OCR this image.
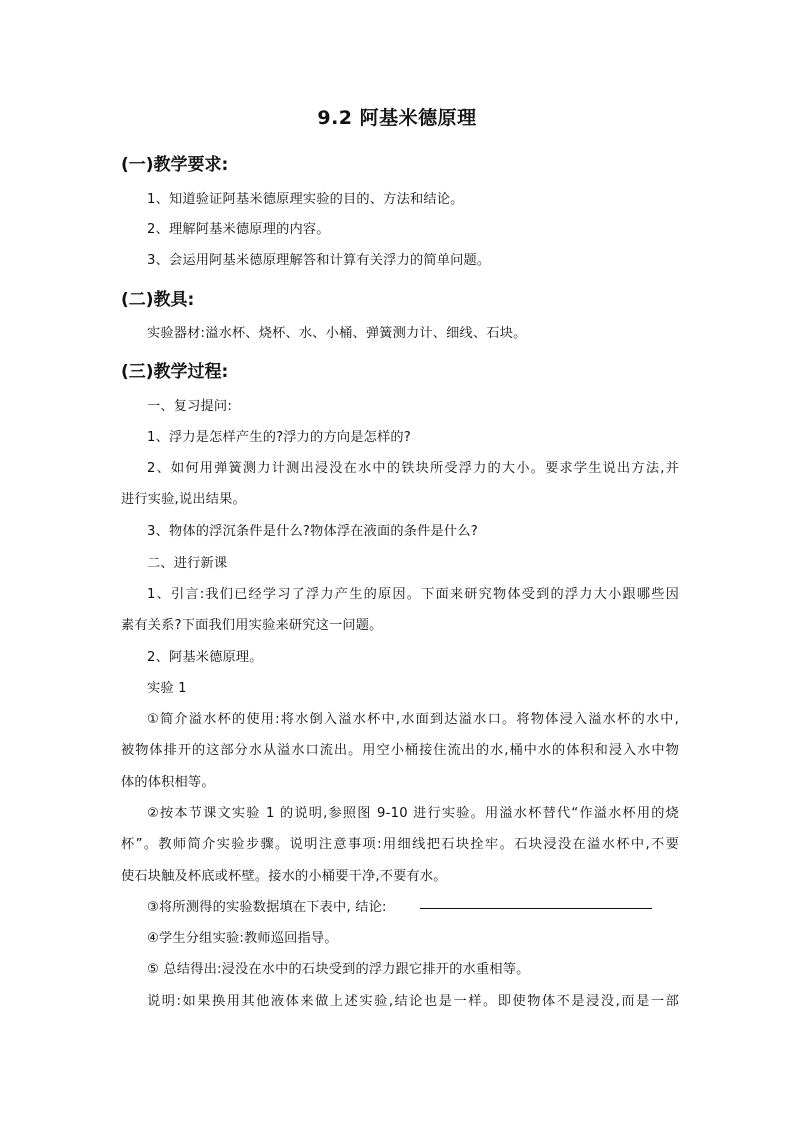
9.2 阿基米德原理
(一)教学要求:
1、知道验证阿基米德原理实验的目的、方法和结论。
2、理解阿基米德原理的内容。
3、会运用阿基米德原理解答和计算有关浮力的简单问题。
(二)教具:
实验器材:溢水杯、烧杯、水、小桶、弹簧测力计、细线、石块。
(三)教学过程:
一、复习提问:
1、浮力是怎样产生的?浮力的方向是怎样的?
2、如何用弹簧测力计测出浸没在水中的铁块所受浮力的大小。要求学生说出方法,并
进行实验,说出结果。
3、物体的浮沉条件是什么?物体浮在液面的条件是什么?
二、进行新课
1、引言:我们已经学习了浮力产生的原因。下面来研究物体受到的浮力大小跟哪些因
素有关系?下面我们用实验来研究这一问题。
2、阿基米德原理。
实验 1
①简介溢水杯的使用:将水倒入溢水杯中,水面到达溢水口。将物体浸入溢水杯的水中,
被物体排开的这部分水从溢水口流出。用空小桶接住流出的水,桶中水的体积和浸入水中物
体的体积相等。
②按本节课文实验 1 的说明,参照图 9-10 进行实验。用溢水杯替代“作溢水杯用的烧
杯”。教师简介实验步骤。说明注意事项:用细线把石块拴牢。石块浸没在溢水杯中,不要
使石块触及杯底或杯壁。接水的小桶要干净,不要有水。
③将所测得的实验数据填在下表中, 结论:
④学生分组实验:教师巡回指导。
⑤ 总结得出:浸没在水中的石块受到的浮力跟它排开的水重相等。
说明:如果换用其他液体来做上述实验,结论也是一样。即使物体不是浸没,而是一部
